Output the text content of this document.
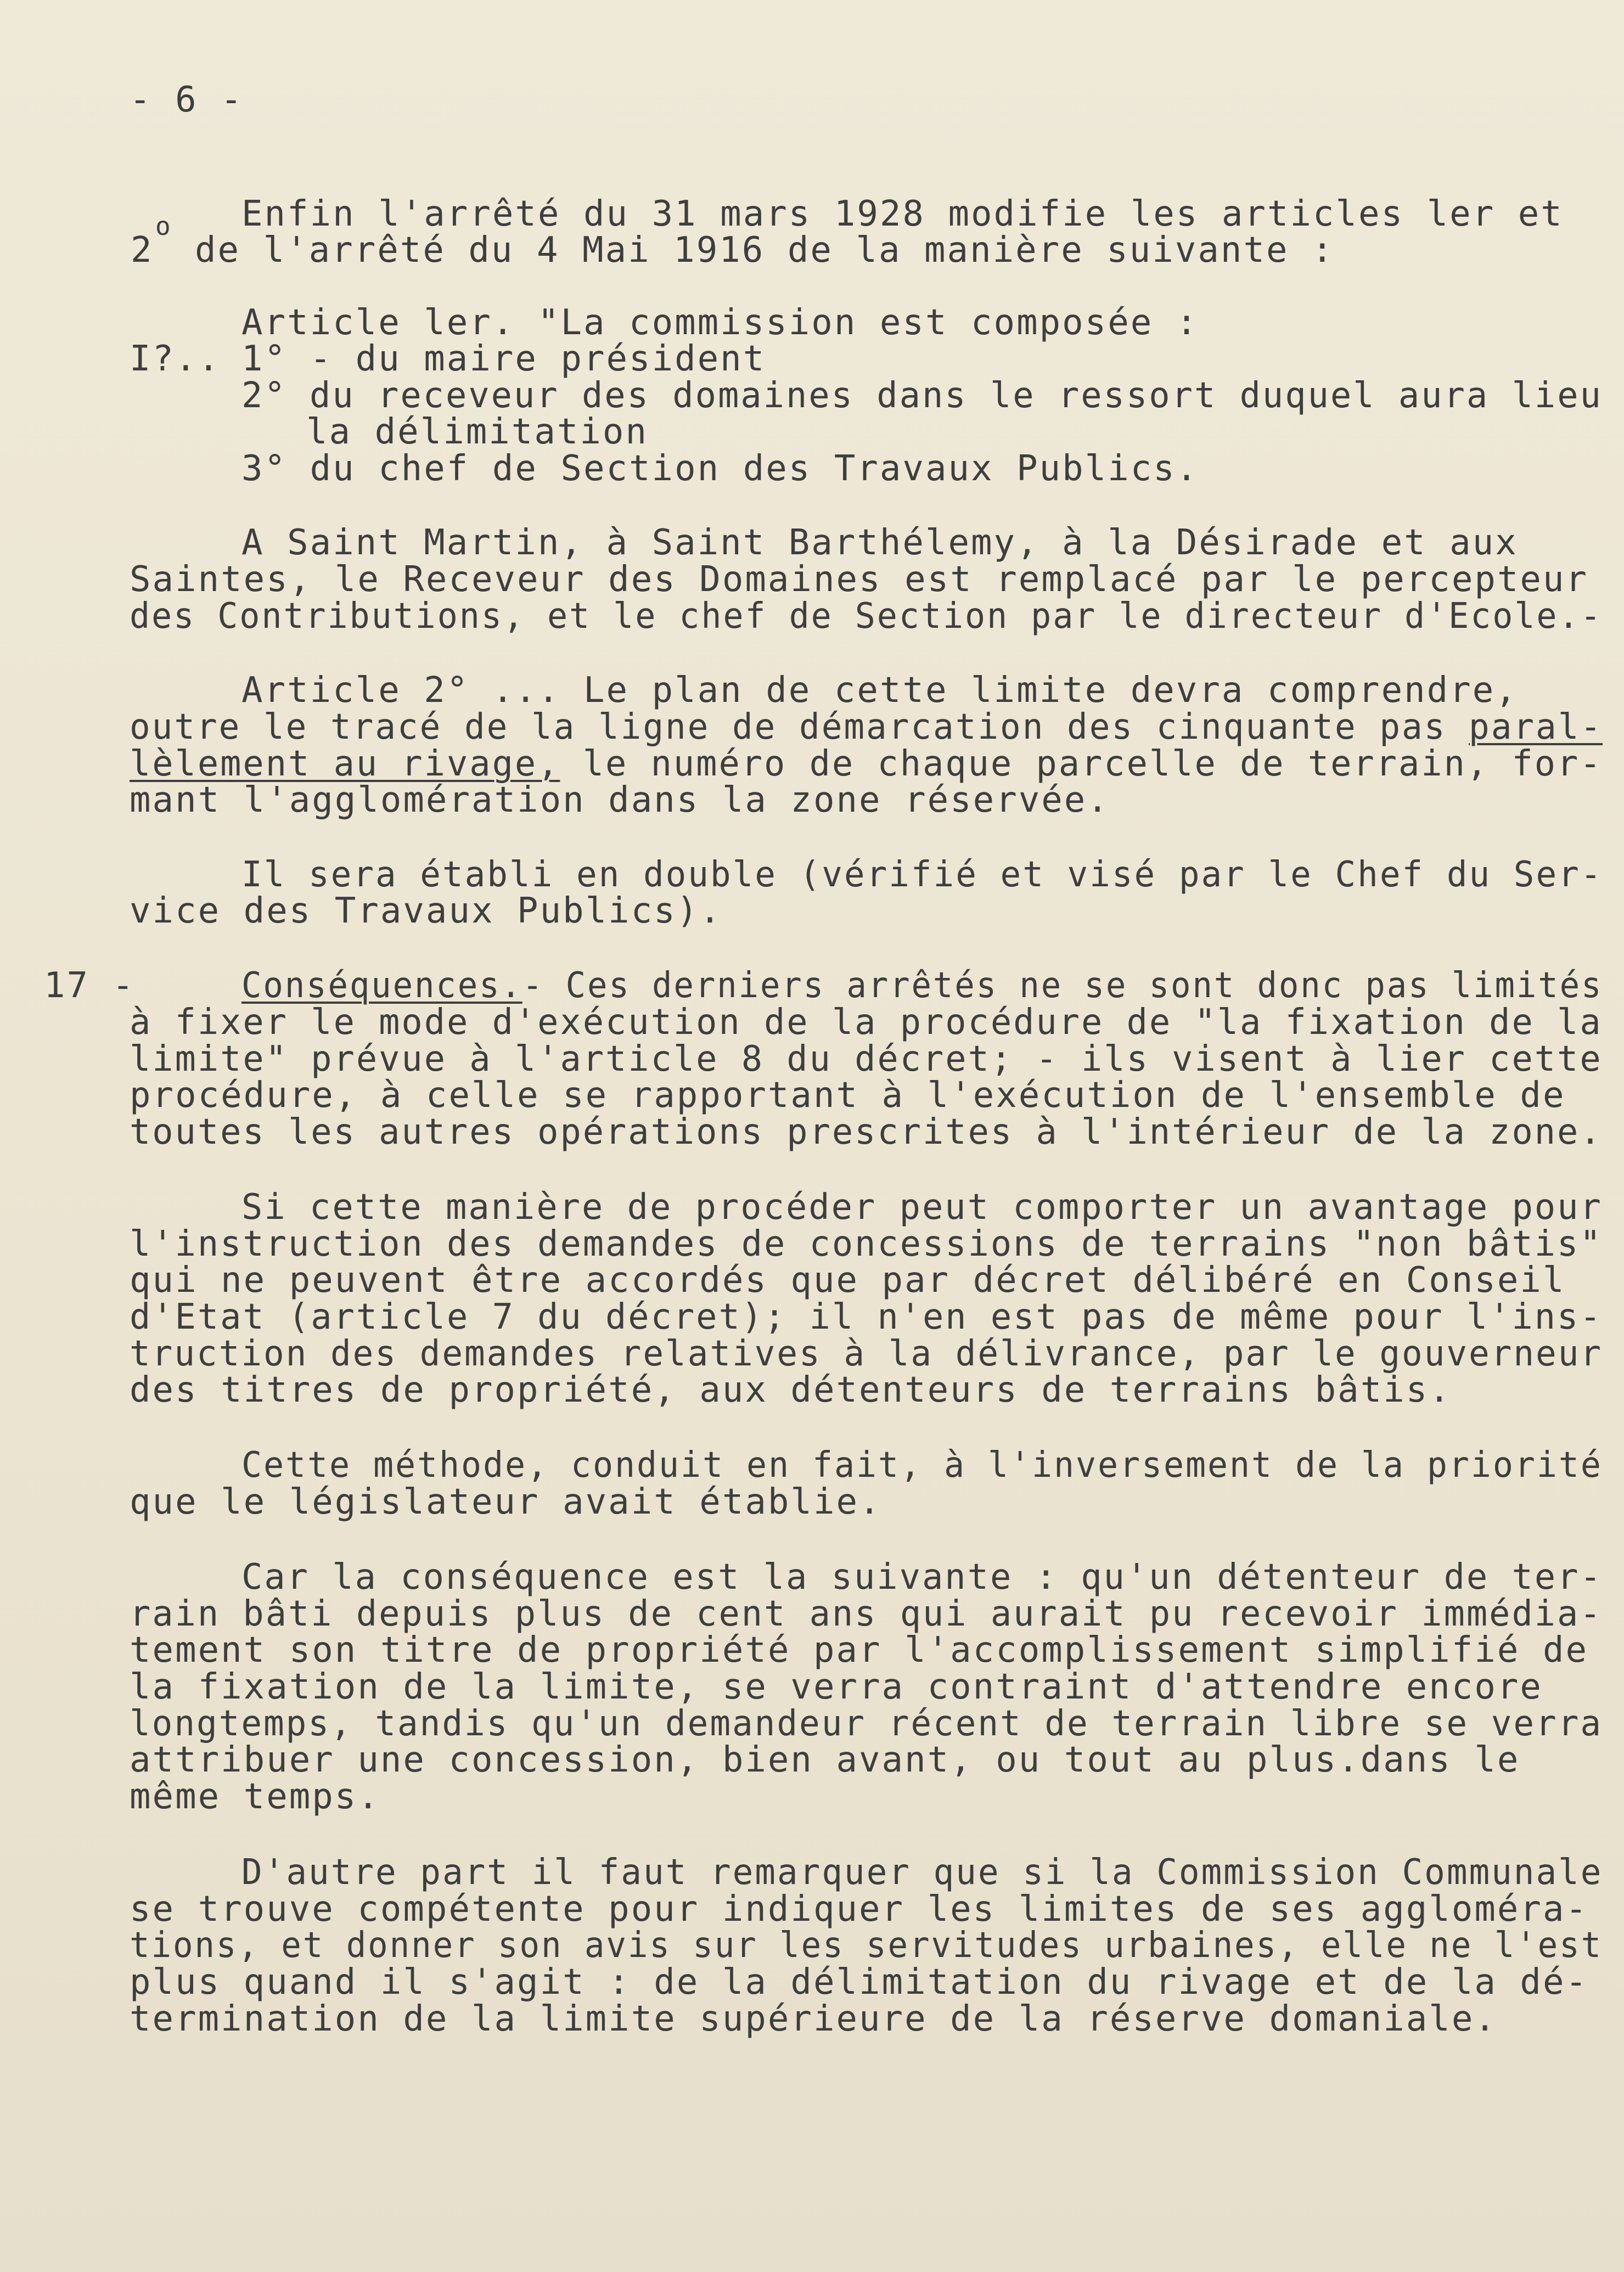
- 6 -
Enfin l'arrêté du 31 mars 1928 modifie les articles ler et
o
2 de l'arrêté du 4 Mai 1916 de la manière suivante :
Article ler. "La commission est composée :
I?.. 1° - du maire président
2° du receveur des domaines dans le ressort duquel aura lieu
la délimitation
3° du chef de Section des Travaux Publics.
A Saint Martin, à Saint Barthélemy, à la Désirade et aux
Saintes, le Receveur des Domaines est remplacé par le percepteur
des Contributions, et le chef de Section par le directeur d'Ecole.-
Article 2° ... Le plan de cette limite devra comprendre,
outre le tracé de la ligne de démarcation des cinquante pas paral-
lèlement au rivage, le numéro de chaque parcelle de terrain, for-
mant l'agglomération dans la zone réservée.
Il sera établi en double (vérifié et visé par le Chef du Ser-
vice des Travaux Publics).
17 -	Conséquences.- Ces derniers arrêtés ne se sont donc pas limités
à fixer le mode d'exécution de la procédure de "la fixation de la
limite" prévue à l'article 8 du décret; - ils visent à lier cette
procédure, à celle se rapportant à l'exécution de l'ensemble de
toutes les autres opérations prescrites à l'intérieur de la zone.
Si cette manière de procéder peut comporter un avantage pour
l'instruction des demandes de concessions de terrains "non bâtis"
qui ne peuvent être accordés que par décret délibéré en Conseil
d'Etat (article 7 du décret); il n'en est pas de même pour l'ins-
truction des demandes relatives à la délivrance, par le gouverneur
des titres de propriété, aux détenteurs de terrains bâtis.
Cette méthode, conduit en fait, à l'inversement de la priorité
que le législateur avait établie.
Car la conséquence est la suivante : qu'un détenteur de ter-
rain bâti depuis plus de cent ans qui aurait pu recevoir immédia-
tement son titre de propriété par l'accomplissement simplifié de
la fixation de la limite, se verra contraint d'attendre encore
longtemps, tandis qu'un demandeur récent de terrain libre se verra
attribuer une concession, bien avant, ou tout au plus.dans le
même temps.
D'autre part il faut remarquer que si la Commission Communale
se trouve compétente pour indiquer les limites de ses aggloméra-
tions, et donner son avis sur les servitudes urbaines, elle ne l'est
plus quand il s'agit : de la délimitation du rivage et de la dé-
termination de la limite supérieure de la réserve domaniale.
